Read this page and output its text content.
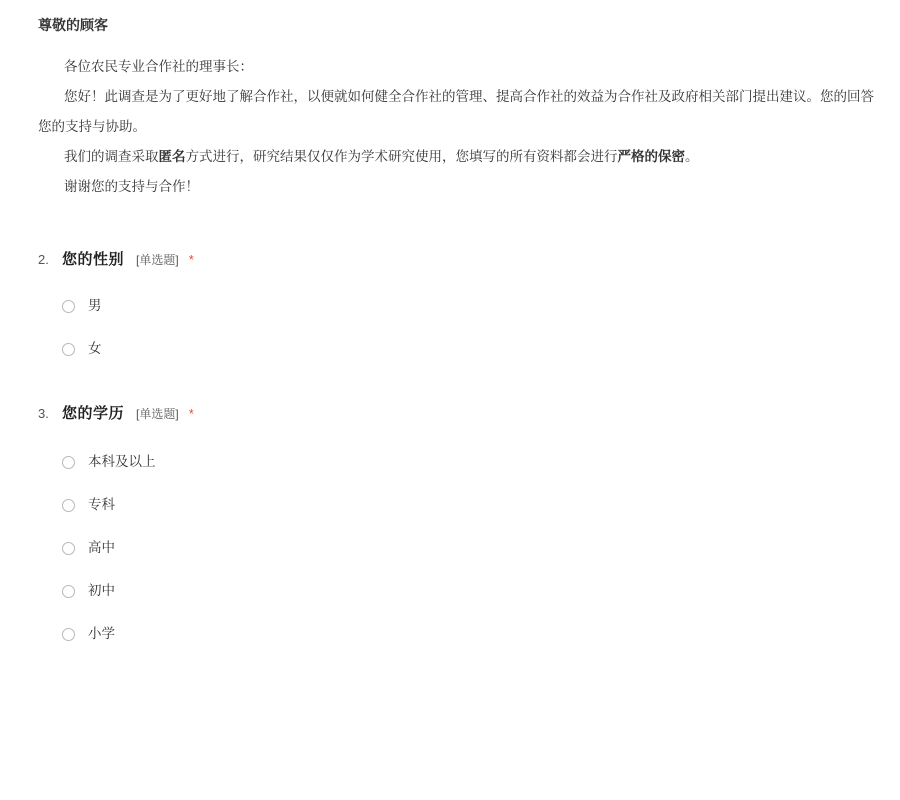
尊敬的顾客

各位农民专业合作社的理事长：

您好！此调查是为了更好地了解合作社，以便就如何健全合作社的管理、提高合作社的效益为合作社及政府相关部门提出建议。您的回答

您的支持与协助。

我们的调查采取匿名方式进行，研究结果仅仅作为学术研究使用，您填写的所有资料都会进行严格的保密。

谢谢您的支持与合作！

2. 您的性别 [单选题] *
男
女
3. 您的学历 [单选题] *
本科及以上
专科
高中
初中
小学
